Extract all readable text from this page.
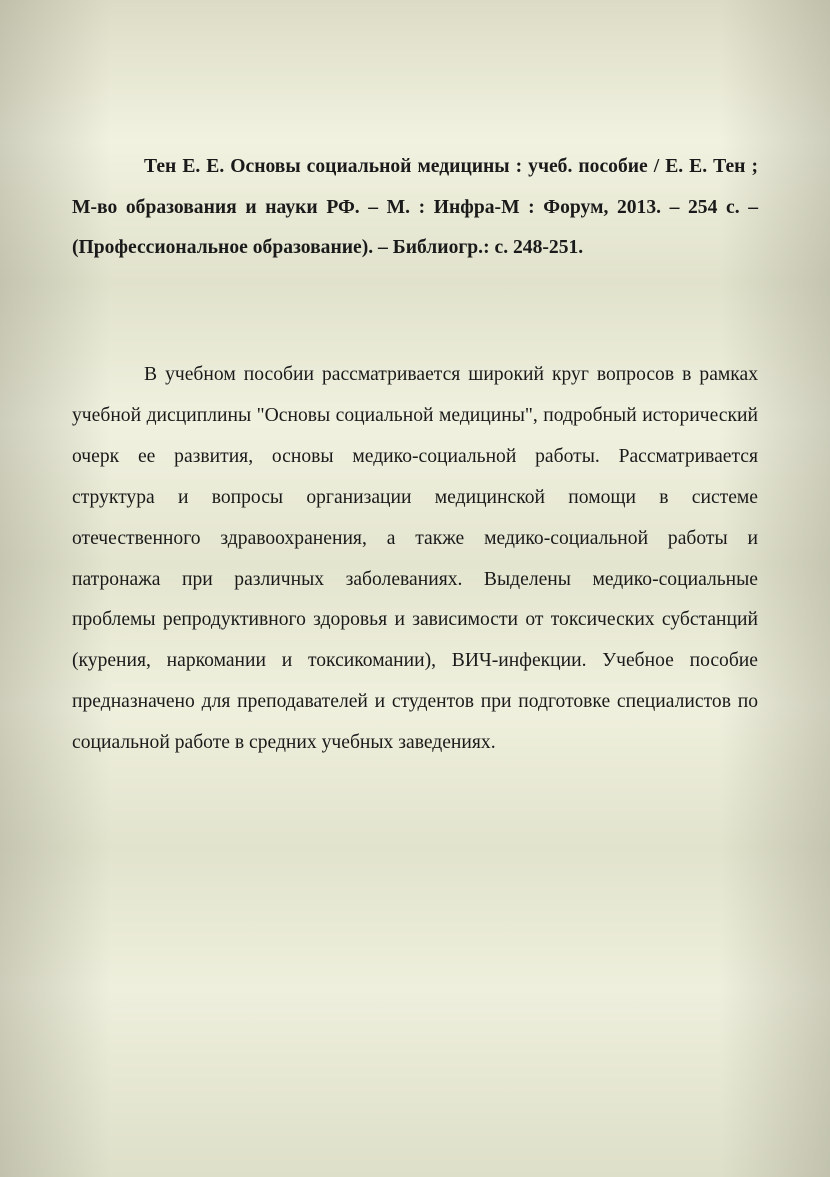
Тен Е. Е. Основы социальной медицины : учеб. пособие / Е. Е. Тен ; М-во образования и науки РФ. – М. : Инфра-М : Форум, 2013. – 254 с. – (Профессиональное образование). – Библиогр.: с. 248-251.

В учебном пособии рассматривается широкий круг вопросов в рамках учебной дисциплины "Основы социальной медицины", подробный исторический очерк ее развития, основы медико-социальной работы. Рассматривается структура и вопросы организации медицинской помощи в системе отечественного здравоохранения, а также медико-социальной работы и патронажа при различных заболеваниях. Выделены медико-социальные проблемы репродуктивного здоровья и зависимости от токсических субстанций (курения, наркомании и токсикомании), ВИЧ-инфекции. Учебное пособие предназначено для преподавателей и студентов при подготовке специалистов по социальной работе в средних учебных заведениях.
